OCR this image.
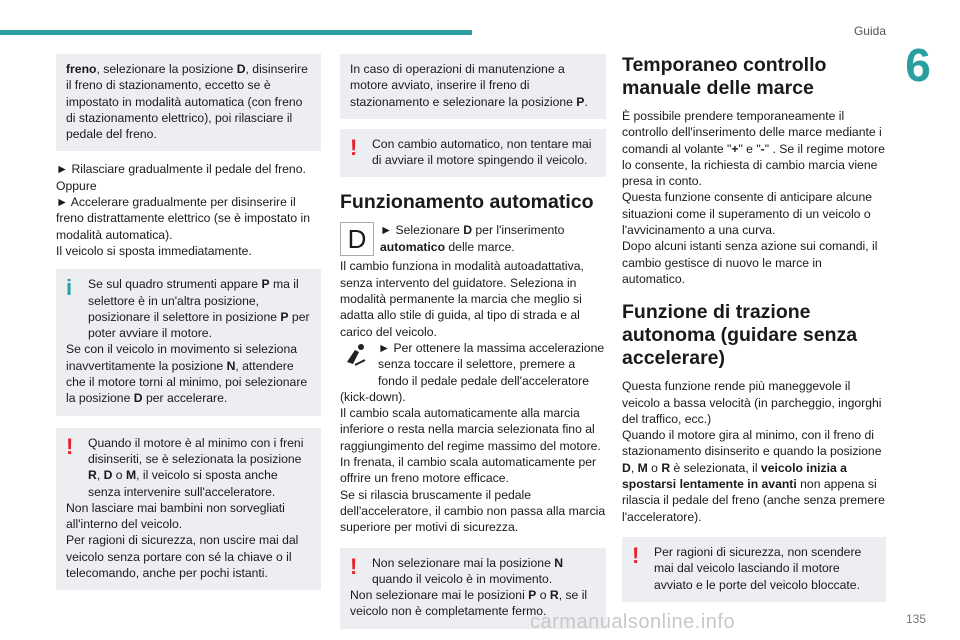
Guida
6

freno, selezionare la posizione D, disinserire il freno di stazionamento, eccetto se è impostato in modalità automatica (con freno di stazionamento elettrico), poi rilasciare il pedale del freno.

► Rilasciare gradualmente il pedale del freno.

Oppure

► Accelerare gradualmente per disinserire il freno distrattamente elettrico (se è impostato in modalità automatica).

Il veicolo si sposta immediatamente.

i	Se sul quadro strumenti appare P ma il selettore è in un'altra posizione, posizionare il selettore in posizione P per poter avviare il motore.

Se con il veicolo in movimento si seleziona inavvertitamente la posizione N, attendere che il motore torni al minimo, poi selezionare la posizione D per accelerare.

!	Quando il motore è al minimo con i freni disinseriti, se è selezionata la posizione R, D o M, il veicolo si sposta anche senza intervenire sull'acceleratore.

Non lasciare mai bambini non sorvegliati all'interno del veicolo.

Per ragioni di sicurezza, non uscire mai dal veicolo senza portare con sé la chiave o il telecomando, anche per pochi istanti.

In caso di operazioni di manutenzione a motore avviato, inserire il freno di stazionamento e selezionare la posizione P.

!	Con cambio automatico, non tentare mai di avviare il motore spingendo il veicolo.

Funzionamento automatico
D	► Selezionare D per l'inserimento automatico delle marce.

Il cambio funziona in modalità autoadattativa, senza intervento del guidatore. Seleziona in modalità permanente la marcia che meglio si adatta allo stile di guida, al tipo di strada e al carico del veicolo.

► Per ottenere la massima accelerazione senza toccare il selettore, premere a fondo il pedale pedale dell'acceleratore (kick-down).

Il cambio scala automaticamente alla marcia inferiore o resta nella marcia selezionata fino al raggiungimento del regime massimo del motore.

In frenata, il cambio scala automaticamente per offrire un freno motore efficace.

Se si rilascia bruscamente il pedale dell'acceleratore, il cambio non passa alla marcia superiore per motivi di sicurezza.

!	Non selezionare mai la posizione N quando il veicolo è in movimento.

Non selezionare mai le posizioni P o R, se il veicolo non è completamente fermo.

Temporaneo controllo manuale delle marce

È possibile prendere temporaneamente il controllo dell'inserimento delle marce mediante i comandi al volante "+" e "-" . Se il regime motore lo consente, la richiesta di cambio marcia viene presa in conto.

Questa funzione consente di anticipare alcune situazioni come il superamento di un veicolo o l'avvicinamento a una curva.

Dopo alcuni istanti senza azione sui comandi, il cambio gestisce di nuovo le marce in automatico.

Funzione di trazione autonoma (guidare senza accelerare)

Questa funzione rende più maneggevole il veicolo a bassa velocità (in parcheggio, ingorghi del traffico, ecc.)

Quando il motore gira al minimo, con il freno di stazionamento disinserito e quando la posizione D, M o R è selezionata, il veicolo inizia a spostarsi lentamente in avanti non appena si rilascia il pedale del freno (anche senza premere l'acceleratore).

!	Per ragioni di sicurezza, non scendere mai dal veicolo lasciando il motore avviato e le porte del veicolo bloccate.

carmanualsonline.info	135
